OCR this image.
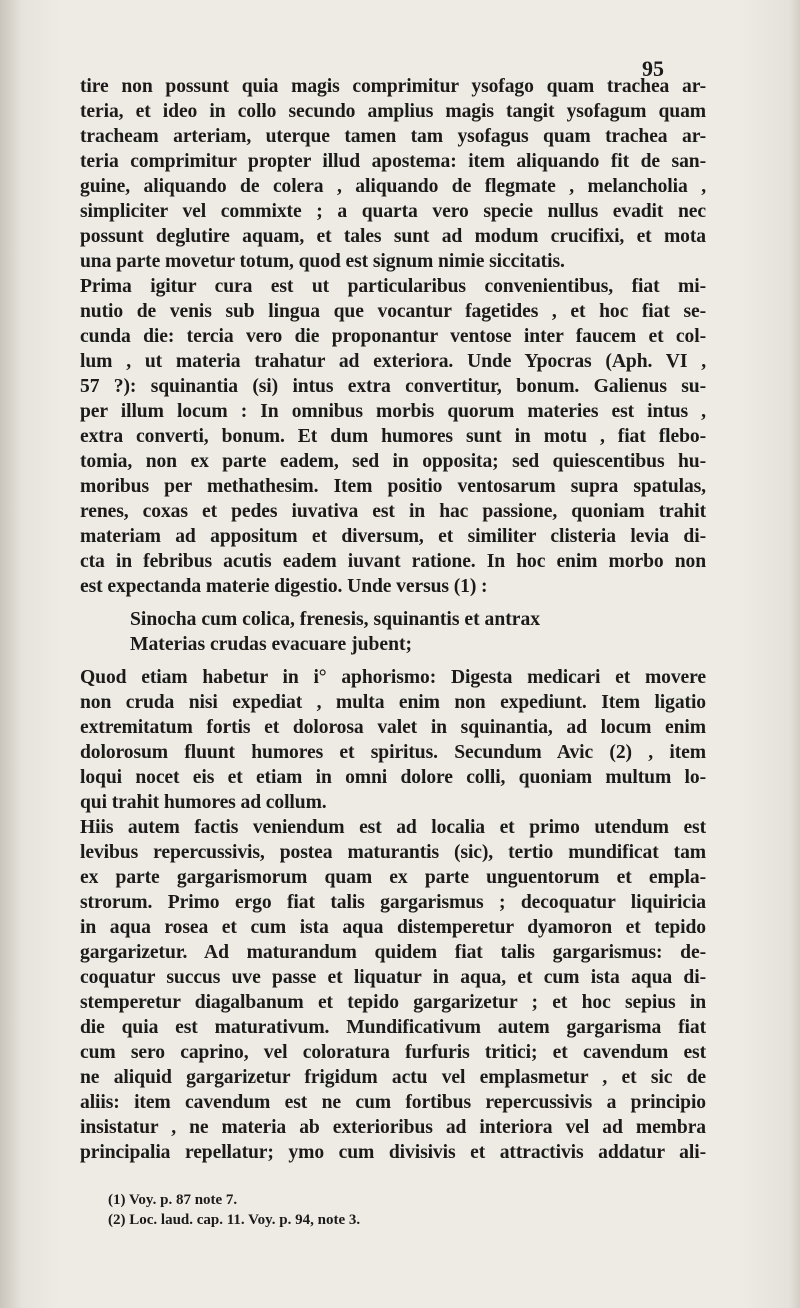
95
tire non possunt quia magis comprimitur ysofago quam trachea ar-
teria, et ideo in collo secundo amplius magis tangit ysofagum quam
tracheam arteriam, uterque tamen tam ysofagus quam trachea ar-
teria comprimitur propter illud apostema: item aliquando fit de san-
guine, aliquando de colera , aliquando de flegmate , melancholia ,
simpliciter vel commixte ; a quarta vero specie nullus evadit nec
possunt deglutire aquam, et tales sunt ad modum crucifixi, et mota
una parte movetur totum, quod est signum nimie siccitatis.
Prima igitur cura est ut particularibus convenientibus, fiat mi-
nutio de venis sub lingua que vocantur fagetides , et hoc fiat se-
cunda die: tercia vero die proponantur ventose inter faucem et col-
lum , ut materia trahatur ad exteriora. Unde Ypocras (Aph. VI ,
57 ?): squinantia (si) intus extra convertitur, bonum. Galienus su-
per illum locum : In omnibus morbis quorum materies est intus ,
extra converti, bonum. Et dum humores sunt in motu , fiat flebo-
tomia, non ex parte eadem, sed in opposita; sed quiescentibus hu-
moribus per methathesim. Item positio ventosarum supra spatulas,
renes, coxas et pedes iuvativa est in hac passione, quoniam trahit
materiam ad appositum et diversum, et similiter clisteria levia di-
cta in febribus acutis eadem iuvant ratione. In hoc enim morbo non
est expectanda materie digestio. Unde versus (1) :
Sinocha cum colica, frenesis, squinantis et antrax
Materias crudas evacuare jubent;
Quod etiam habetur in i° aphorismo: Digesta medicari et movere
non cruda nisi expediat , multa enim non expediunt. Item ligatio
extremitatum fortis et dolorosa valet in squinantia, ad locum enim
dolorosum fluunt humores et spiritus. Secundum Avic (2) , item
loqui nocet eis et etiam in omni dolore colli, quoniam multum lo-
qui trahit humores ad collum.
Hiis autem factis veniendum est ad localia et primo utendum est
levibus repercussivis, postea maturantis (sic), tertio mundificat tam
ex parte gargarismorum quam ex parte unguentorum et empla-
strorum. Primo ergo fiat talis gargarismus ; decoquatur liquiricia
in aqua rosea et cum ista aqua distemperetur dyamoron et tepido
gargarizetur. Ad maturandum quidem fiat talis gargarismus: de-
coquatur succus uve passe et liquatur in aqua, et cum ista aqua di-
stemperetur diagalbanum et tepido gargarizetur ; et hoc sepius in
die quia est maturativum. Mundificativum autem gargarisma fiat
cum sero caprino, vel coloratura furfuris tritici; et cavendum est
ne aliquid gargarizetur frigidum actu vel emplasmetur , et sic de
aliis: item cavendum est ne cum fortibus repercussivis a principio
insistatur , ne materia ab exterioribus ad interiora vel ad membra
principalia repellatur; ymo cum divisivis et attractivis addatur ali-
(1) Voy. p. 87 note 7.
(2) Loc. laud. cap. 11. Voy. p. 94, note 3.
